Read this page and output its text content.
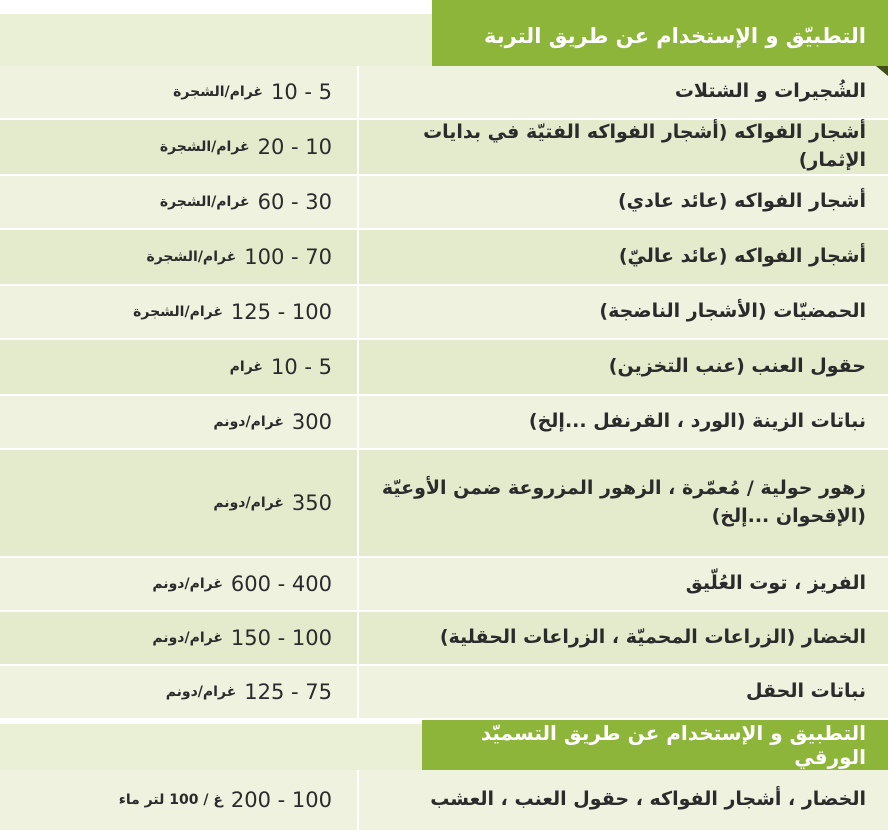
التطبيّق و الإستخدام عن طريق التربة
الشُجيرات و الشتلات
10 - 5
غرام/الشجرة
أشجار الفواكه (أشجار الفواكه الفتيّة في بدايات الإثمار)
20 - 10
غرام/الشجرة
أشجار الفواكه (عائد عادي)
60 - 30
غرام/الشجرة
أشجار الفواكه (عائد عاليّ)
100 - 70
غرام/الشجرة
الحمضيّات (الأشجار الناضجة)
125 - 100
غرام/الشجرة
حقول العنب (عنب التخزين)
10 - 5
غرام
نباتات الزينة (الورد ، القرنفل ...إلخ)
300
غرام/دونم
زهور حولية / مُعمّرة ، الزهور المزروعة ضمن الأوعيّة (الإقحوان ...إلخ)
350
غرام/دونم
الفريز ، توت العُلّيق
600 - 400
غرام/دونم
الخضار (الزراعات المحميّة ، الزراعات الحقلية)
150 - 100
غرام/دونم
نباتات الحقل
125 - 75
غرام/دونم
التطبيق و الإستخدام عن طريق التسميّد الورقي
الخضار ، أشجار الفواكه ، حقول العنب ، العشب
200 - 100
غ / 100 لتر ماء
